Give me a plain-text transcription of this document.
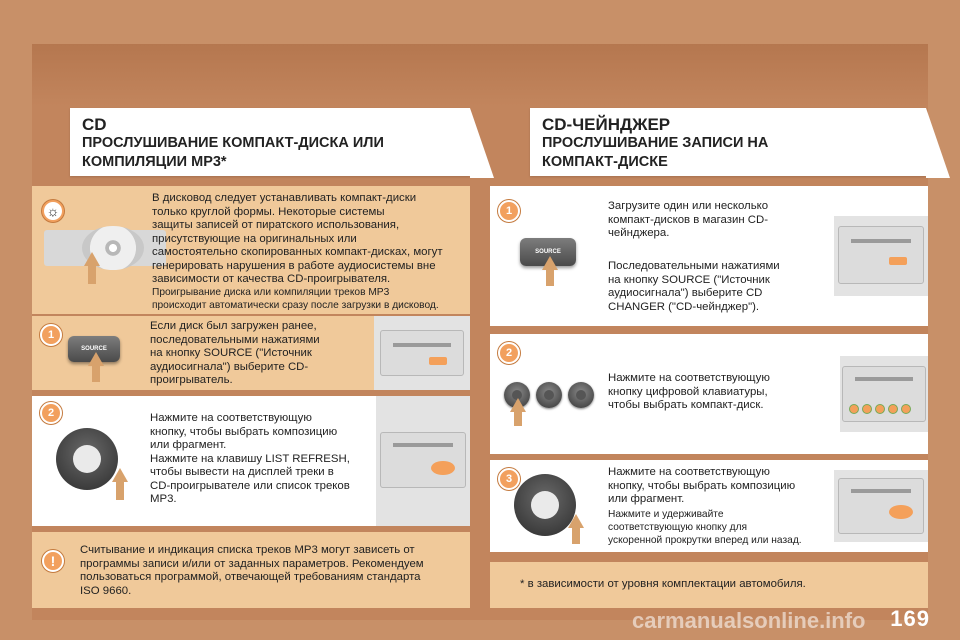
CD
ПРОСЛУШИВАНИЕ КОМПАКТ-ДИСКА ИЛИ
КОМПИЛЯЦИИ MP3*
CD-ЧЕЙНДЖЕР
ПРОСЛУШИВАНИЕ ЗАПИСИ НА
КОМПАКТ-ДИСКЕ
☼
В дисковод следует устанавливать компакт-диски
только круглой формы. Некоторые системы
защиты записей от пиратского использования,
присутствующие на оригинальных или
самостоятельно скопированных компакт-дисках, могут
генерировать нарушения в работе аудиосистемы вне
зависимости от качества CD-проигрывателя.
Проигрывание диска или компиляции треков MP3
происходит автоматически сразу после загрузки в дисковод.
1
SOURCE
Если диск был загружен ранее,
последовательными нажатиями
на кнопку SOURCE ("Источник
аудиосигнала") выберите CD-
проигрыватель.
2	Нажмите на соответствующую
кнопку, чтобы выбрать композицию
или фрагмент.
Нажмите на клавишу LIST REFRESH,
чтобы вывести на дисплей треки в
CD-проигрывателе или список треков
MP3.
!
Считывание и индикация списка треков MP3 могут зависеть от
программы записи и/или от заданных параметров. Рекомендуем
пользоваться программой, отвечающей требованиям стандарта
ISO 9660.
1
SOURCE
Загрузите один или несколько
компакт-дисков в магазин CD-
чейнджера.
Последовательными нажатиями
на кнопку SOURCE ("Источник
аудиосигнала") выберите CD
CHANGER ("CD-чейнджер").
2
Нажмите на соответствующую
кнопку цифровой клавиатуры,
чтобы выбрать компакт-диск.
3
Нажмите на соответствующую
кнопку, чтобы выбрать композицию
или фрагмент.
Нажмите и удерживайте
соответствующую кнопку для
ускоренной прокрутки вперед или назад.
* в зависимости от уровня комплектации автомобиля.
carmanualsonline.info 169
